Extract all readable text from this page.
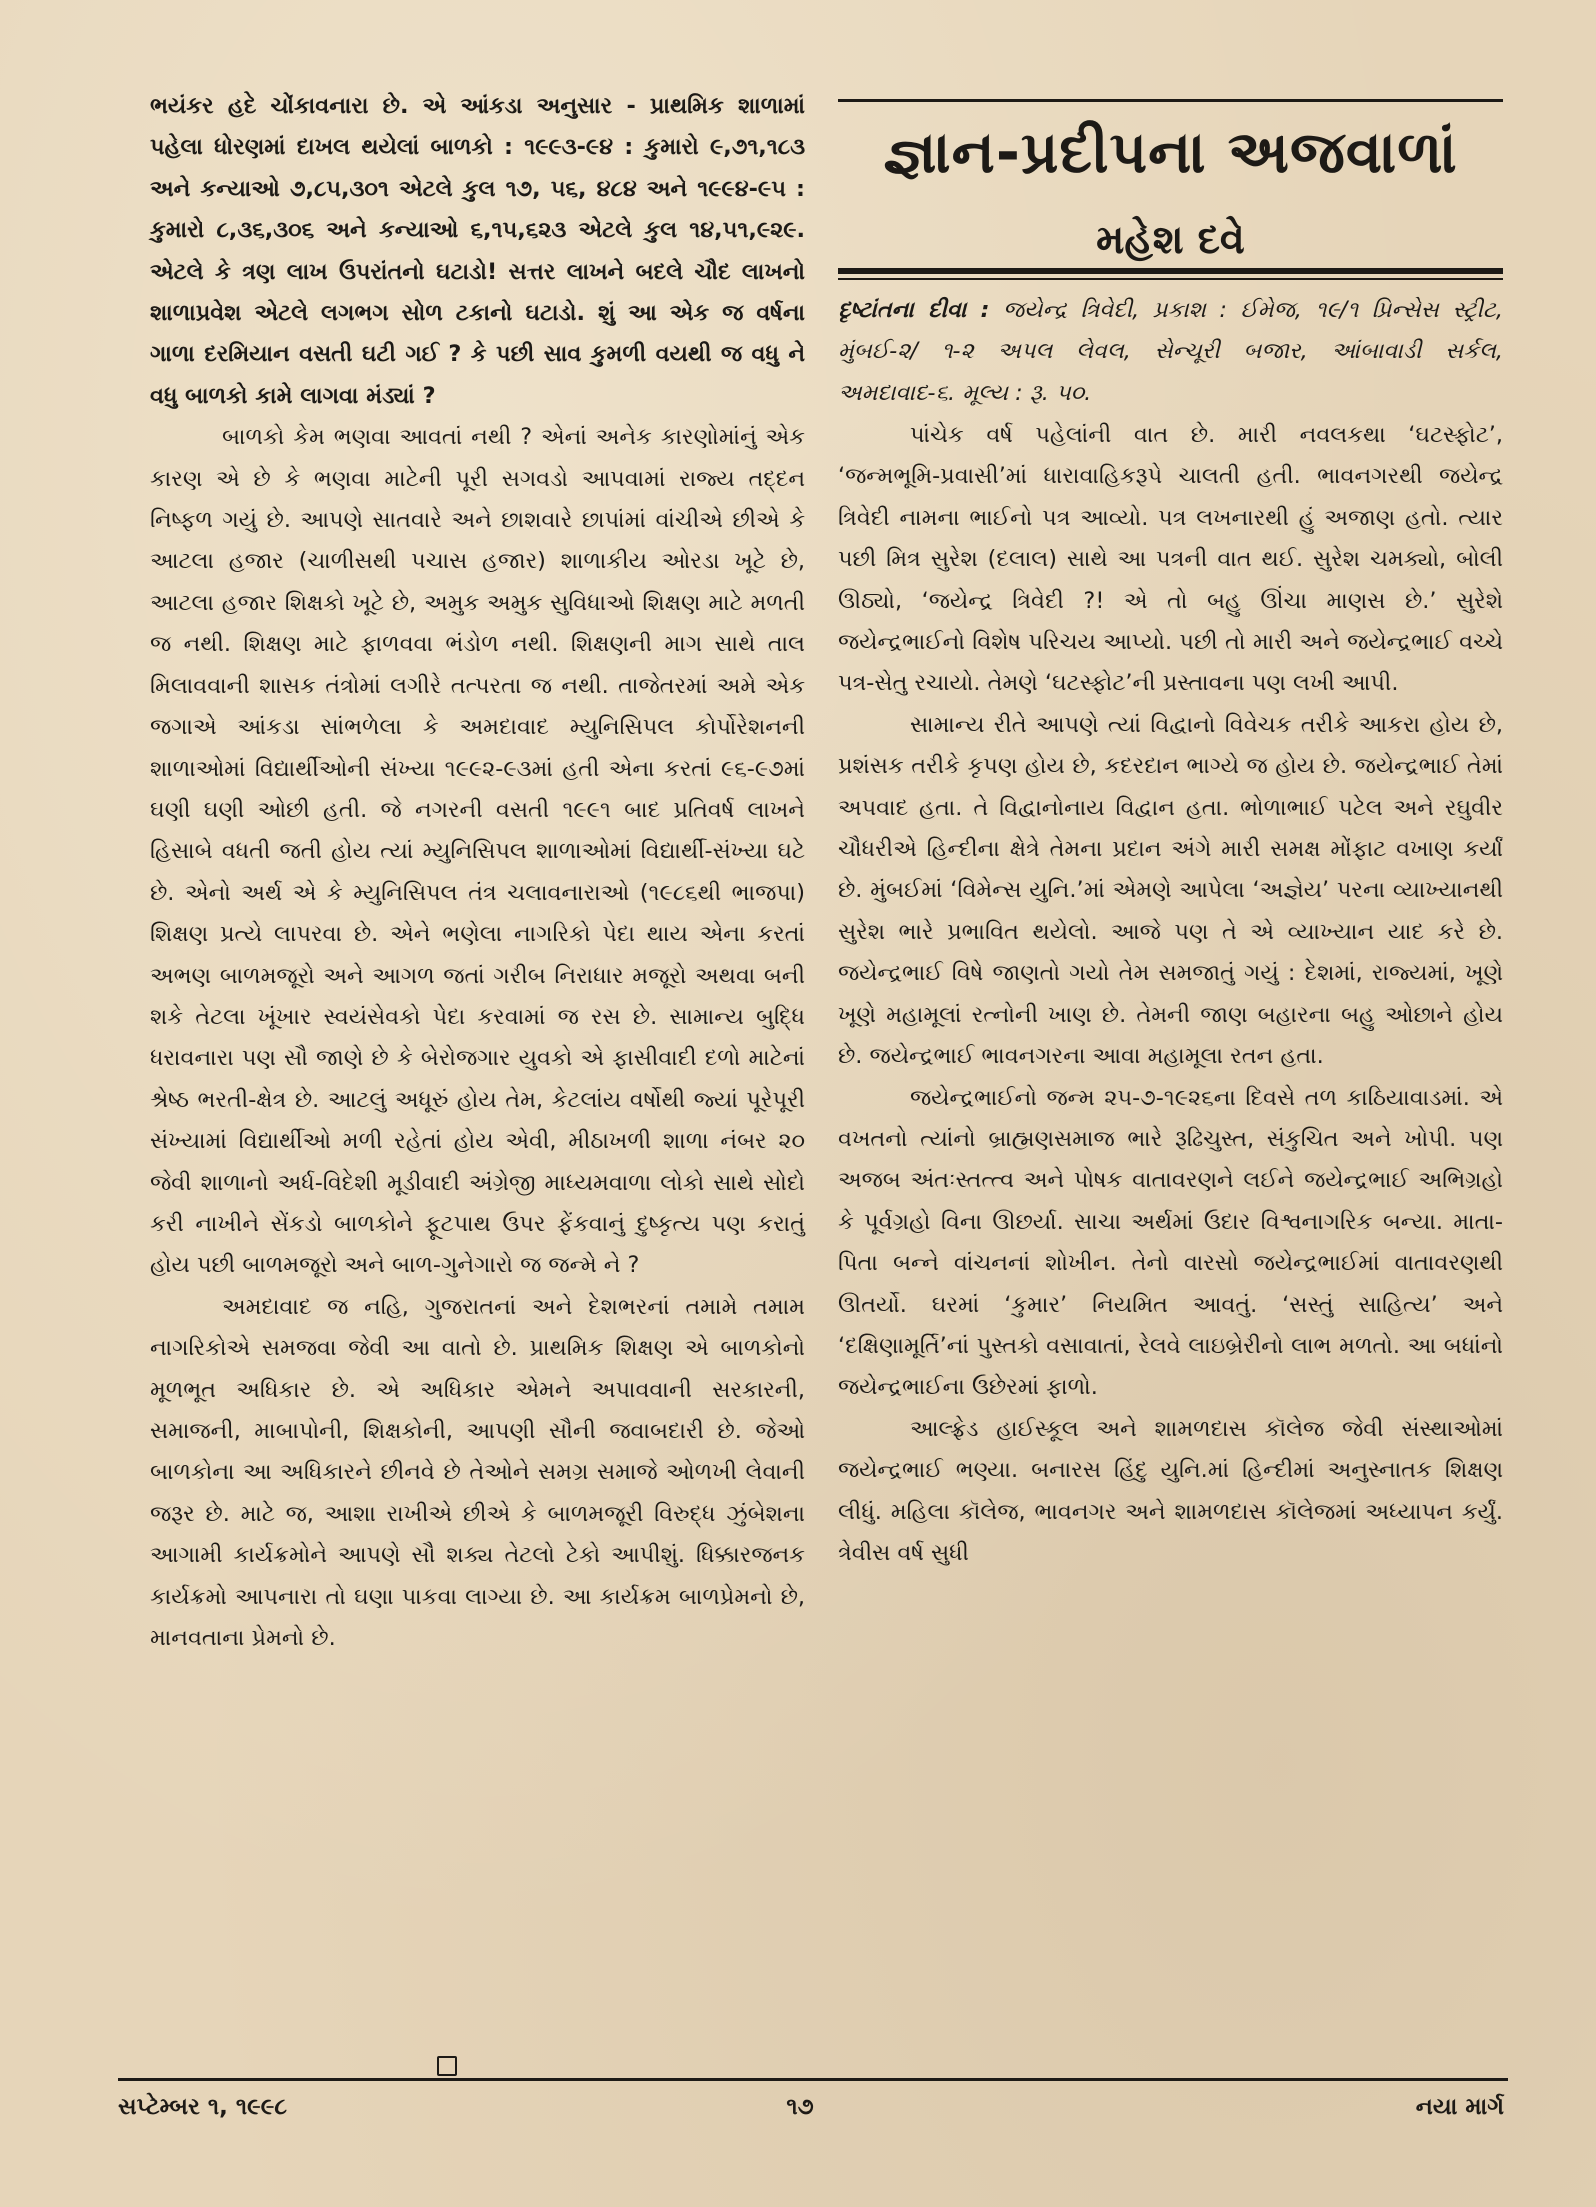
ભયંકર હદે ચોંકાવનારા છે. એ આંકડા અનુસાર - પ્રાથમિક શાળામાં પહેલા ધોરણમાં દાખલ થયેલાં બાળકો : ૧૯૯૩-૯૪ : કુમારો ૯,૭૧,૧૮૩ અને કન્યાઓ ૭,૮૫,૩૦૧ એટલે કુલ ૧૭, ૫૬, ૪૮૪ અને ૧૯૯૪-૯૫ : કુમારો ૮,૩૬,૩૦૬ અને કન્યાઓ ૬,૧૫,૬૨૩ એટલે કુલ ૧૪,૫૧,૯૨૯. એટલે કે ત્રણ લાખ ઉપરાંતનો ઘટાડો! સત્તર લાખને બદલે ચૌદ લાખનો શાળાપ્રવેશ એટલે લગભગ સોળ ટકાનો ઘટાડો. શું આ એક જ વર્ષના ગાળા દરમિયાન વસતી ઘટી ગઈ ? કે પછી સાવ કુમળી વયથી જ વધુ ને વધુ બાળકો કામે લાગવા મંડ્યાં ?

બાળકો કેમ ભણવા આવતાં નથી ? એનાં અનેક કારણોમાંનું એક કારણ એ છે કે ભણવા માટેની પૂરી સગવડો આપવામાં રાજ્ય તદ્દન નિષ્ફળ ગયું છે. આપણે સાતવારે અને છાશવારે છાપાંમાં વાંચીએ છીએ કે આટલા હજાર (ચાળીસથી પચાસ હજાર) શાળાકીય ઓરડા ખૂટે છે, આટલા હજાર શિક્ષકો ખૂટે છે, અમુક અમુક સુવિધાઓ શિક્ષણ માટે મળતી જ નથી. શિક્ષણ માટે ફાળવવા ભંડોળ નથી. શિક્ષણની માગ સાથે તાલ મિલાવવાની શાસક તંત્રોમાં લગીરે તત્પરતા જ નથી. તાજેતરમાં અમે એક જગાએ આંકડા સાંભળેલા કે અમદાવાદ મ્યુનિસિપલ કોર્પોરેશનની શાળાઓમાં વિદ્યાર્થીઓની સંખ્યા ૧૯૯૨-૯૩માં હતી એના કરતાં ૯૬-૯૭માં ઘણી ઘણી ઓછી હતી. જે નગરની વસતી ૧૯૯૧ બાદ પ્રતિવર્ષ લાખને હિસાબે વધતી જતી હોય ત્યાં મ્યુનિસિપલ શાળાઓમાં વિદ્યાર્થી-સંખ્યા ઘટે છે. એનો અર્થ એ કે મ્યુનિસિપલ તંત્ર ચલાવનારાઓ (૧૯૮૬થી ભાજપા) શિક્ષણ પ્રત્યે લાપરવા છે. એને ભણેલા નાગરિકો પેદા થાય એના કરતાં અભણ બાળમજૂરો અને આગળ જતાં ગરીબ નિરાધાર મજૂરો અથવા બની શકે તેટલા ખૂંખાર સ્વયંસેવકો પેદા કરવામાં જ રસ છે. સામાન્ય બુદ્ધિ ધરાવનારા પણ સૌ જાણે છે કે બેરોજગાર યુવકો એ ફાસીવાદી દળો માટેનાં શ્રેષ્ઠ ભરતી-ક્ષેત્ર છે. આટલું અધૂરું હોય તેમ, કેટલાંય વર્ષોથી જ્યાં પૂરેપૂરી સંખ્યામાં વિદ્યાર્થીઓ મળી રહેતાં હોય એવી, મીઠાખળી શાળા નંબર ૨૦ જેવી શાળાનો અર્ધ-વિદેશી મૂડીવાદી અંગ્રેજી માધ્યમવાળા લોકો સાથે સોદો કરી નાખીને સેંકડો બાળકોને ફૂટપાથ ઉપર ફેંકવાનું દુષ્કૃત્ય પણ કરાતું હોય પછી બાળમજૂરો અને બાળ-ગુનેગારો જ જન્મે ને ?

અમદાવાદ જ નહિ, ગુજરાતનાં અને દેશભરનાં તમામે તમામ નાગરિકોએ સમજવા જેવી આ વાતો છે. પ્રાથમિક શિક્ષણ એ બાળકોનો મૂળભૂત અધિકાર છે. એ અધિકાર એમને અપાવવાની સરકારની, સમાજની, માબાપોની, શિક્ષકોની, આપણી સૌની જવાબદારી છે. જેઓ બાળકોના આ અધિકારને છીનવે છે તેઓને સમગ્ર સમાજે ઓળખી લેવાની જરૂર છે. માટે જ, આશા રાખીએ છીએ કે બાળમજૂરી વિરુદ્ધ ઝુંબેશના આગામી કાર્યક્રમોને આપણે સૌ શક્ય તેટલો ટેકો આપીશું. ધિક્કારજનક કાર્યક્રમો આપનારા તો ઘણા પાકવા લાગ્યા છે. આ કાર્યક્રમ બાળપ્રેમનો છે, માનવતાના પ્રેમનો છે.

જ્ઞાન-પ્રદીપના અજવાળાં
મહેશ દવે
દૃષ્ટાંતના દીવા : જયેન્દ્ર ત્રિવેદી, પ્રકાશ : ઈમેજ, ૧૯/૧ પ્રિન્સેસ સ્ટ્રીટ, મુંબઈ-૨/ ૧-૨ અપલ લેવલ, સેન્ચૂરી બજાર, આંબાવાડી સર્કલ, અમદાવાદ-૬. મૂલ્ય : રૂ. ૫૦.

પાંચેક વર્ષ પહેલાંની વાત છે. મારી નવલકથા ‘ઘટસ્ફોટ’, ‘જન્મભૂમિ-પ્રવાસી’માં ધારાવાહિકરૂપે ચાલતી હતી. ભાવનગરથી જયેન્દ્ર ત્રિવેદી નામના ભાઈનો પત્ર આવ્યો. પત્ર લખનારથી હું અજાણ હતો. ત્યાર પછી મિત્ર સુરેશ (દલાલ) સાથે આ પત્રની વાત થઈ. સુરેશ ચમક્યો, બોલી ઊઠ્યો, ‘જયેન્દ્ર ત્રિવેદી ?! એ તો બહુ ઊંચા માણસ છે.’ સુરેશે જયેન્દ્રભાઈનો વિશેષ પરિચય આપ્યો. પછી તો મારી અને જયેન્દ્રભાઈ વચ્ચે પત્ર-સેતુ રચાયો. તેમણે ‘ઘટસ્ફોટ’ની પ્રસ્તાવના પણ લખી આપી.

સામાન્ય રીતે આપણે ત્યાં વિદ્વાનો વિવેચક તરીકે આકરા હોય છે, પ્રશંસક તરીકે કૃપણ હોય છે, કદરદાન ભાગ્યે જ હોય છે. જયેન્દ્રભાઈ તેમાં અપવાદ હતા. તે વિદ્વાનોનાય વિદ્વાન હતા. ભોળાભાઈ પટેલ અને રઘુવીર ચૌધરીએ હિન્દીના ક્ષેત્રે તેમના પ્રદાન અંગે મારી સમક્ષ મોંફાટ વખાણ કર્યાં છે. મુંબઈમાં ‘વિમેન્સ યુનિ.’માં એમણે આપેલા ‘અજ્ઞેય’ પરના વ્યાખ્યાનથી સુરેશ ભારે પ્રભાવિત થયેલો. આજે પણ તે એ વ્યાખ્યાન યાદ કરે છે. જયેન્દ્રભાઈ વિષે જાણતો ગયો તેમ સમજાતું ગયું : દેશમાં, રાજ્યમાં, ખૂણે ખૂણે મહામૂલાં રત્નોની ખાણ છે. તેમની જાણ બહારના બહુ ઓછાને હોય છે. જયેન્દ્રભાઈ ભાવનગરના આવા મહામૂલા રતન હતા.

જયેન્દ્રભાઈનો જન્મ ૨૫-૭-૧૯૨૬ના દિવસે તળ કાઠિયાવાડમાં. એ વખતનો ત્યાંનો બ્રાહ્મણસમાજ ભારે રૂઢિચુસ્ત, સંકુચિત અને ખોપી. પણ અજબ અંતઃસ્તત્ત્વ અને પોષક વાતાવરણને લઈને જયેન્દ્રભાઈ અભિગ્રહો કે પૂર્વગ્રહો વિના ઊછર્યા. સાચા અર્થમાં ઉદાર વિશ્વનાગરિક બન્યા. માતા-પિતા બન્ને વાંચનનાં શોખીન. તેનો વારસો જયેન્દ્રભાઈમાં વાતાવરણથી ઊતર્યો. ઘરમાં ‘કુમાર’ નિયમિત આવતું. ‘સસ્તું સાહિત્ય’ અને ‘દક્ષિણામૂર્તિ’નાં પુસ્તકો વસાવાતાં, રેલવે લાઇબ્રેરીનો લાભ મળતો. આ બધાંનો જયેન્દ્રભાઈના ઉછેરમાં ફાળો.

આલ્ફ્રેડ હાઈસ્કૂલ અને શામળદાસ કૉલેજ જેવી સંસ્થાઓમાં જયેન્દ્રભાઈ ભણ્યા. બનારસ હિંદુ યુનિ.માં હિન્દીમાં અનુસ્નાતક શિક્ષણ લીધું. મહિલા કૉલેજ, ભાવનગર અને શામળદાસ કૉલેજમાં અધ્યાપન કર્યું. ત્રેવીસ વર્ષ સુધી

સપ્ટેમ્બર ૧, ૧૯૯૮	૧૭	નયા માર્ગ
